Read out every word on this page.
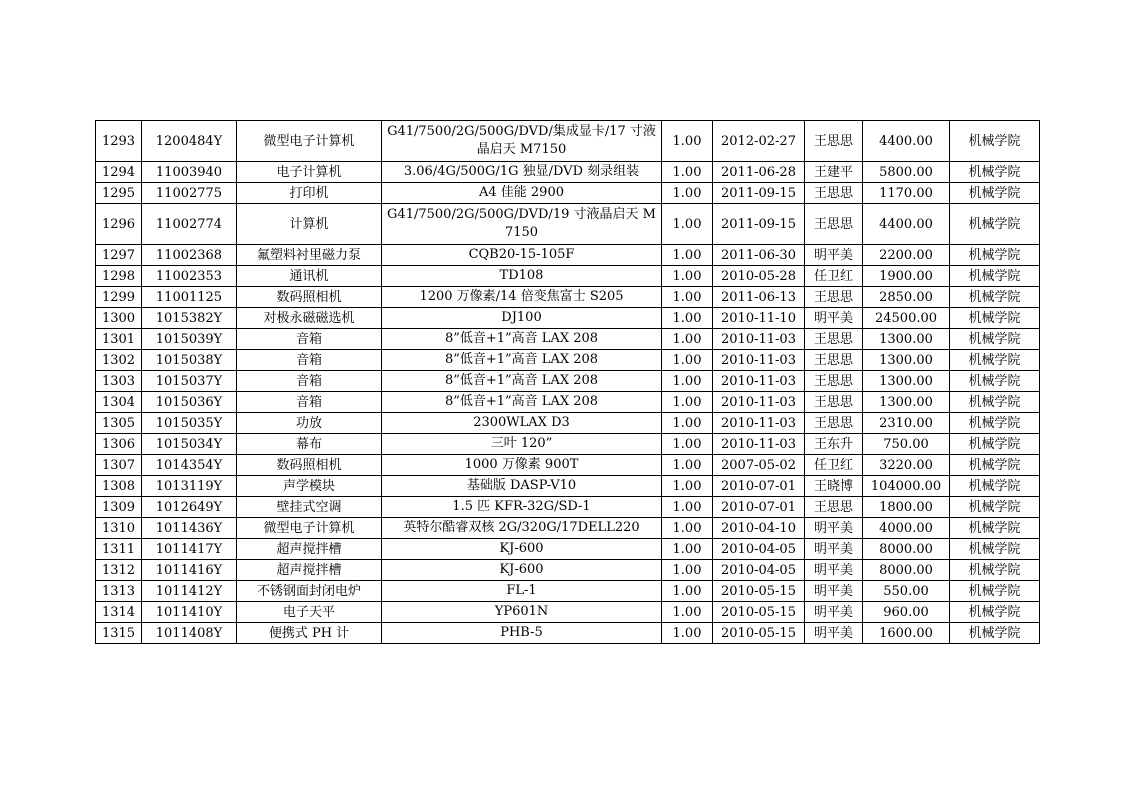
1293	1200484Y	微型电子计算机	G41/7500/2G/500G/DVD/集成显卡/17 寸液晶启天 M7150	1.00	2012-02-27	王思思	4400.00	机械学院
1294	11003940	电子计算机	3.06/4G/500G/1G 独显/DVD 刻录组装	1.00	2011-06-28	王建平	5800.00	机械学院
1295	11002775	打印机	A4 佳能 2900	1.00	2011-09-15	王思思	1170.00	机械学院
1296	11002774	计算机	G41/7500/2G/500G/DVD/19 寸液晶启天 M7150	1.00	2011-09-15	王思思	4400.00	机械学院
1297	11002368	氟塑料衬里磁力泵	CQB20-15-105F	1.00	2011-06-30	明平美	2200.00	机械学院
1298	11002353	通讯机	TD108	1.00	2010-05-28	任卫红	1900.00	机械学院
1299	11001125	数码照相机	1200 万像素/14 倍变焦富士 S205	1.00	2011-06-13	王思思	2850.00	机械学院
1300	1015382Y	对极永磁磁选机	DJ100	1.00	2010-11-10	明平美	24500.00	机械学院
1301	1015039Y	音箱	8”低音+1”高音 LAX 208	1.00	2010-11-03	王思思	1300.00	机械学院
1302	1015038Y	音箱	8”低音+1”高音 LAX 208	1.00	2010-11-03	王思思	1300.00	机械学院
1303	1015037Y	音箱	8”低音+1”高音 LAX 208	1.00	2010-11-03	王思思	1300.00	机械学院
1304	1015036Y	音箱	8”低音+1”高音 LAX 208	1.00	2010-11-03	王思思	1300.00	机械学院
1305	1015035Y	功放	2300WLAX D3	1.00	2010-11-03	王思思	2310.00	机械学院
1306	1015034Y	幕布	三叶 120”	1.00	2010-11-03	王东升	750.00	机械学院
1307	1014354Y	数码照相机	1000 万像素 900T	1.00	2007-05-02	任卫红	3220.00	机械学院
1308	1013119Y	声学模块	基础版 DASP-V10	1.00	2010-07-01	王晓博	104000.00	机械学院
1309	1012649Y	壁挂式空调	1.5 匹 KFR-32G/SD-1	1.00	2010-07-01	王思思	1800.00	机械学院
1310	1011436Y	微型电子计算机	英特尔酷睿双核 2G/320G/17DELL220	1.00	2010-04-10	明平美	4000.00	机械学院
1311	1011417Y	超声搅拌槽	KJ-600	1.00	2010-04-05	明平美	8000.00	机械学院
1312	1011416Y	超声搅拌槽	KJ-600	1.00	2010-04-05	明平美	8000.00	机械学院
1313	1011412Y	不锈钢面封闭电炉	FL-1	1.00	2010-05-15	明平美	550.00	机械学院
1314	1011410Y	电子天平	YP601N	1.00	2010-05-15	明平美	960.00	机械学院
1315	1011408Y	便携式 PH 计	PHB-5	1.00	2010-05-15	明平美	1600.00	机械学院
